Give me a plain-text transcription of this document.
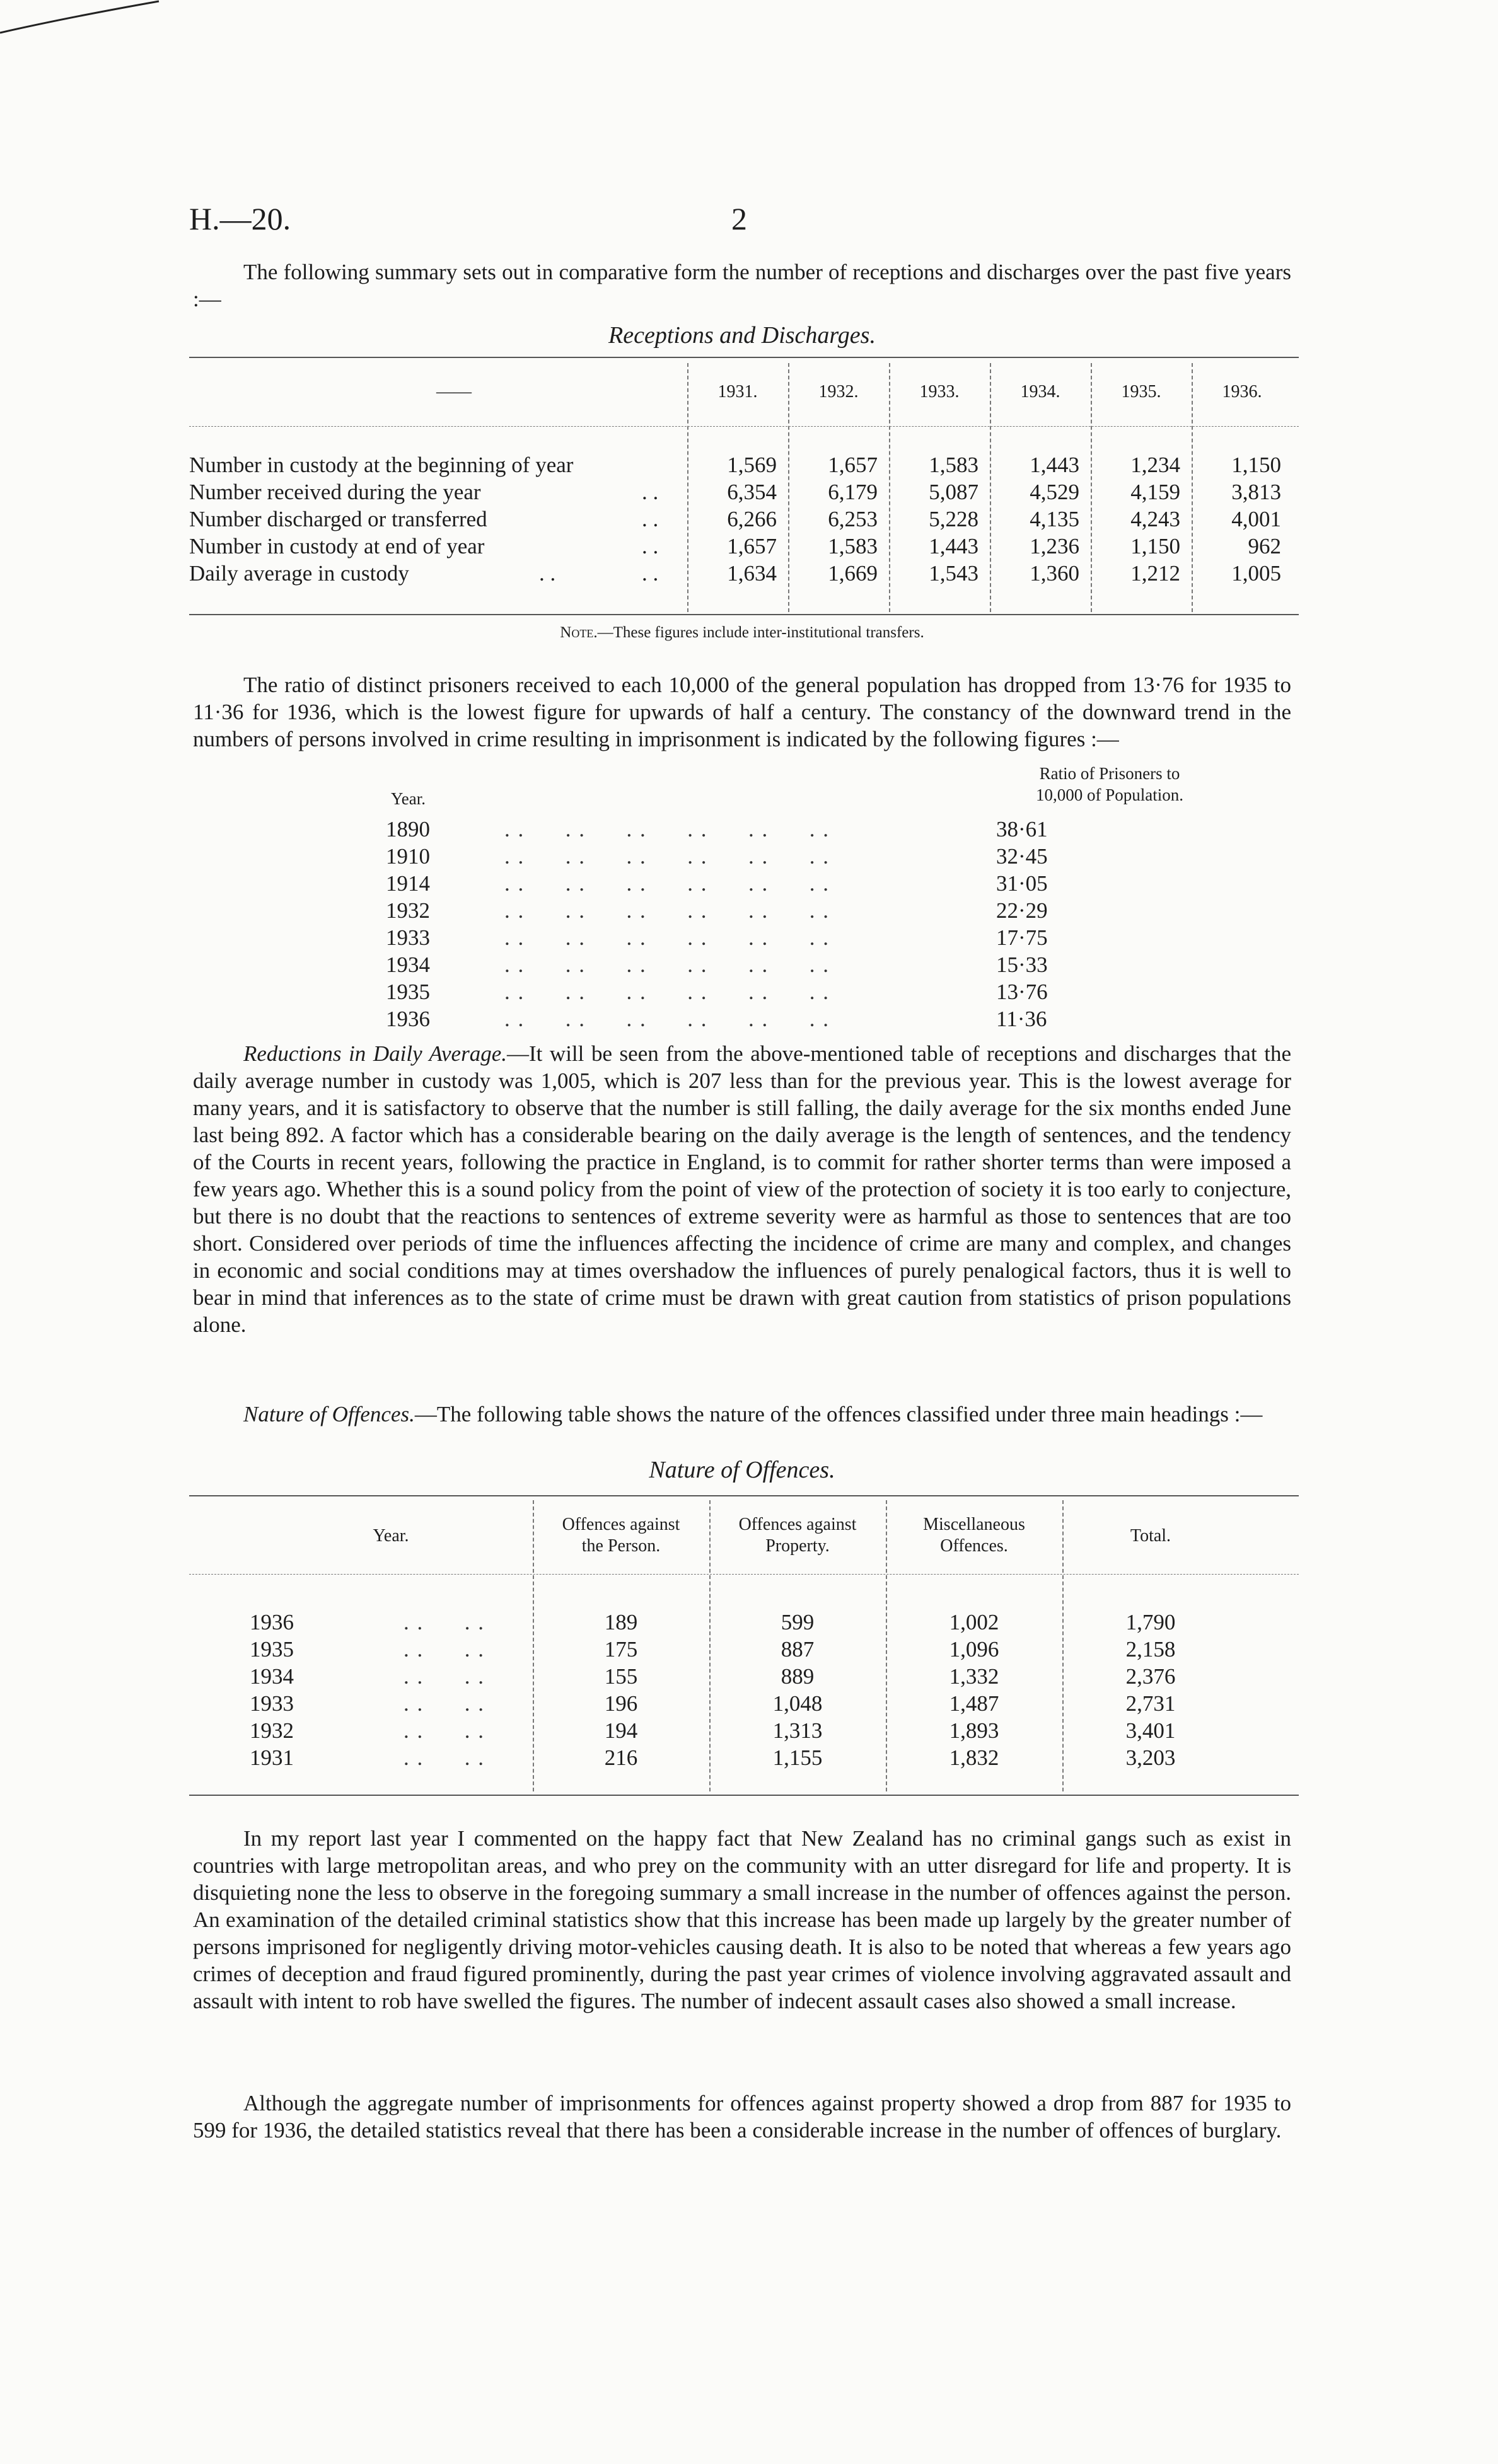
H.—20.	2

The following summary sets out in comparative form the number of receptions and discharges over the past five years :—

Receptions and Discharges.
——	1931.	1932.	1933.	1934.	1935.	1936.
Number in custody at the beginning of year	1,569	1,657	1,583	1,443	1,234	1,150
Number received during the year	. .	6,354	6,179	5,087	4,529	4,159	3,813
Number discharged or transferred	. .	6,266	6,253	5,228	4,135	4,243	4,001
Number in custody at end of year	. .	1,657	1,583	1,443	1,236	1,150	962
Daily average in custody	. .	. .	1,634	1,669	1,543	1,360	1,212	1,005
Note.—These figures include inter-institutional transfers.

The ratio of distinct prisoners received to each 10,000 of the general population has dropped from 13·76 for 1935 to 11·36 for 1936, which is the lowest figure for upwards of half a century. The constancy of the downward trend in the numbers of persons involved in crime resulting in imprisonment is indicated by the following figures :—

Year.
Ratio of Prisoners to
10,000 of Population.
1890	. .      . .      . .      . .      . .      . .	38·61
1910	. .      . .      . .      . .      . .      . .	32·45
1914	. .      . .      . .      . .      . .      . .	31·05
1932	. .      . .      . .      . .      . .      . .	22·29
1933	. .      . .      . .      . .      . .      . .	17·75
1934	. .      . .      . .      . .      . .      . .	15·33
1935	. .      . .      . .      . .      . .      . .	13·76
1936	. .      . .      . .      . .      . .      . .	11·36

Reductions in Daily Average.—It will be seen from the above-mentioned table of receptions and discharges that the daily average number in custody was 1,005, which is 207 less than for the previous year. This is the lowest average for many years, and it is satisfactory to observe that the number is still falling, the daily average for the six months ended June last being 892. A factor which has a considerable bearing on the daily average is the length of sentences, and the tendency of the Courts in recent years, following the practice in England, is to commit for rather shorter terms than were imposed a few years ago. Whether this is a sound policy from the point of view of the protection of society it is too early to conjecture, but there is no doubt that the reactions to sentences of extreme severity were as harmful as those to sentences that are too short. Considered over periods of time the influences affecting the incidence of crime are many and complex, and changes in economic and social conditions may at times overshadow the influences of purely penalogical factors, thus it is well to bear in mind that inferences as to the state of crime must be drawn with great caution from statistics of prison populations alone.

Nature of Offences.—The following table shows the nature of the offences classified under three main headings :—

Nature of Offences.
Year.
Offences against
the Person.
Offences against
Property.
Miscellaneous
Offences.
Total.
1936	. .      . .	189	599	1,002	1,790
1935	. .      . .	175	887	1,096	2,158
1934	. .      . .	155	889	1,332	2,376
1933	. .      . .	196	1,048	1,487	2,731
1932	. .      . .	194	1,313	1,893	3,401
1931	. .      . .	216	1,155	1,832	3,203

In my report last year I commented on the happy fact that New Zealand has no criminal gangs such as exist in countries with large metropolitan areas, and who prey on the community with an utter disregard for life and property. It is disquieting none the less to observe in the foregoing summary a small increase in the number of offences against the person. An examination of the detailed criminal statistics show that this increase has been made up largely by the greater number of persons imprisoned for negligently driving motor-vehicles causing death. It is also to be noted that whereas a few years ago crimes of deception and fraud figured prominently, during the past year crimes of violence involving aggravated assault and assault with intent to rob have swelled the figures. The number of indecent assault cases also showed a small increase.

Although the aggregate number of imprisonments for offences against property showed a drop from 887 for 1935 to 599 for 1936, the detailed statistics reveal that there has been a considerable increase in the number of offences of burglary.
